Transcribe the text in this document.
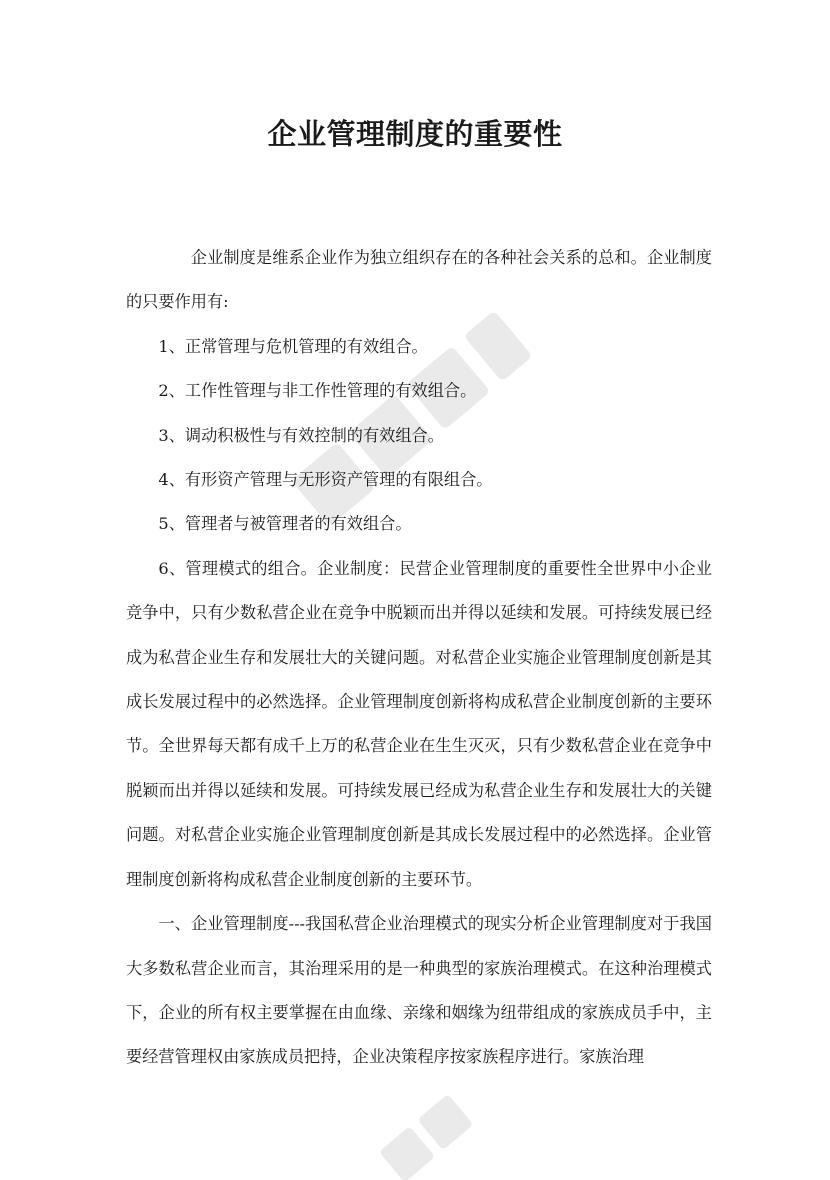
企业管理制度的重要性

企业制度是维系企业作为独立组织存在的各种社会关系的总和。企业制度的只要作用有:

1、正常管理与危机管理的有效组合。

2、工作性管理与非工作性管理的有效组合。

3、调动积极性与有效控制的有效组合。

4、有形资产管理与无形资产管理的有限组合。

5、管理者与被管理者的有效组合。

6、管理模式的组合。企业制度：民营企业管理制度的重要性全世界中小企业竞争中，只有少数私营企业在竞争中脱颖而出并得以延续和发展。可持续发展已经成为私营企业生存和发展壮大的关键问题。对私营企业实施企业管理制度创新是其成长发展过程中的必然选择。企业管理制度创新将构成私营企业制度创新的主要环节。全世界每天都有成千上万的私营企业在生生灭灭，只有少数私营企业在竞争中脱颖而出并得以延续和发展。可持续发展已经成为私营企业生存和发展壮大的关键问题。对私营企业实施企业管理制度创新是其成长发展过程中的必然选择。企业管理制度创新将构成私营企业制度创新的主要环节。

一、企业管理制度---我国私营企业治理模式的现实分析企业管理制度对于我国大多数私营企业而言，其治理采用的是一种典型的家族治理模式。在这种治理模式下，企业的所有权主要掌握在由血缘、亲缘和姻缘为纽带组成的家族成员手中，主要经营管理权由家族成员把持，企业决策程序按家族程序进行。家族治理
